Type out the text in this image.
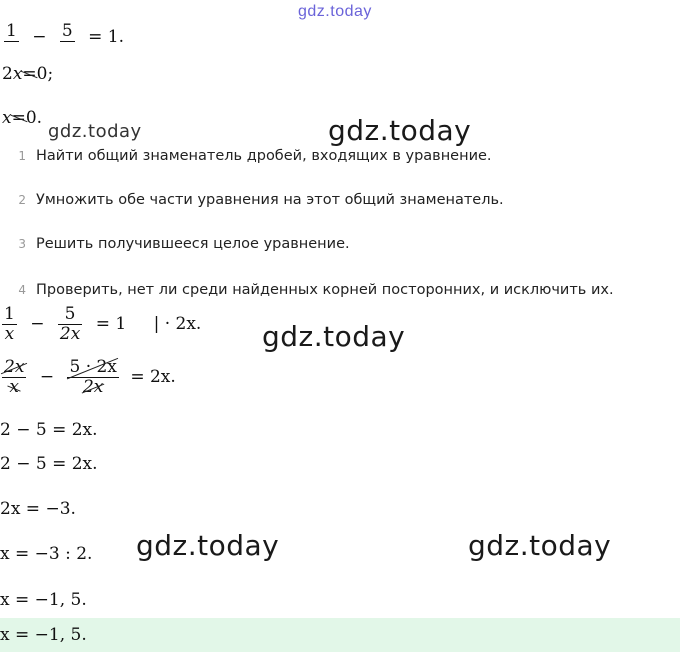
gdz.today
1
− 5
= 1.
2x=0;
x=0.
gdz.today	gdz.today
1 Найти общий знаменатель дробей, входящих в уравнение.
2 Умножить обе части уравнения на этот общий знаменатель.
3 Решить получившееся целое уравнение.
4 Проверить, нет ли среди найденных корней посторонних, и исключить их.
$\frac{1}{x} - \frac{5}{2x} = 1$ | · 2x. gdz.today
$\frac{2x}{x} - \frac{5 \cdot 2x}{2x} = 2x$.
2 − 5 = 2x.
2 − 5 = 2x.
2x = −3.
x = −3 : 2. gdz.today	gdz.today
x = −1, 5.
x = −1, 5.
